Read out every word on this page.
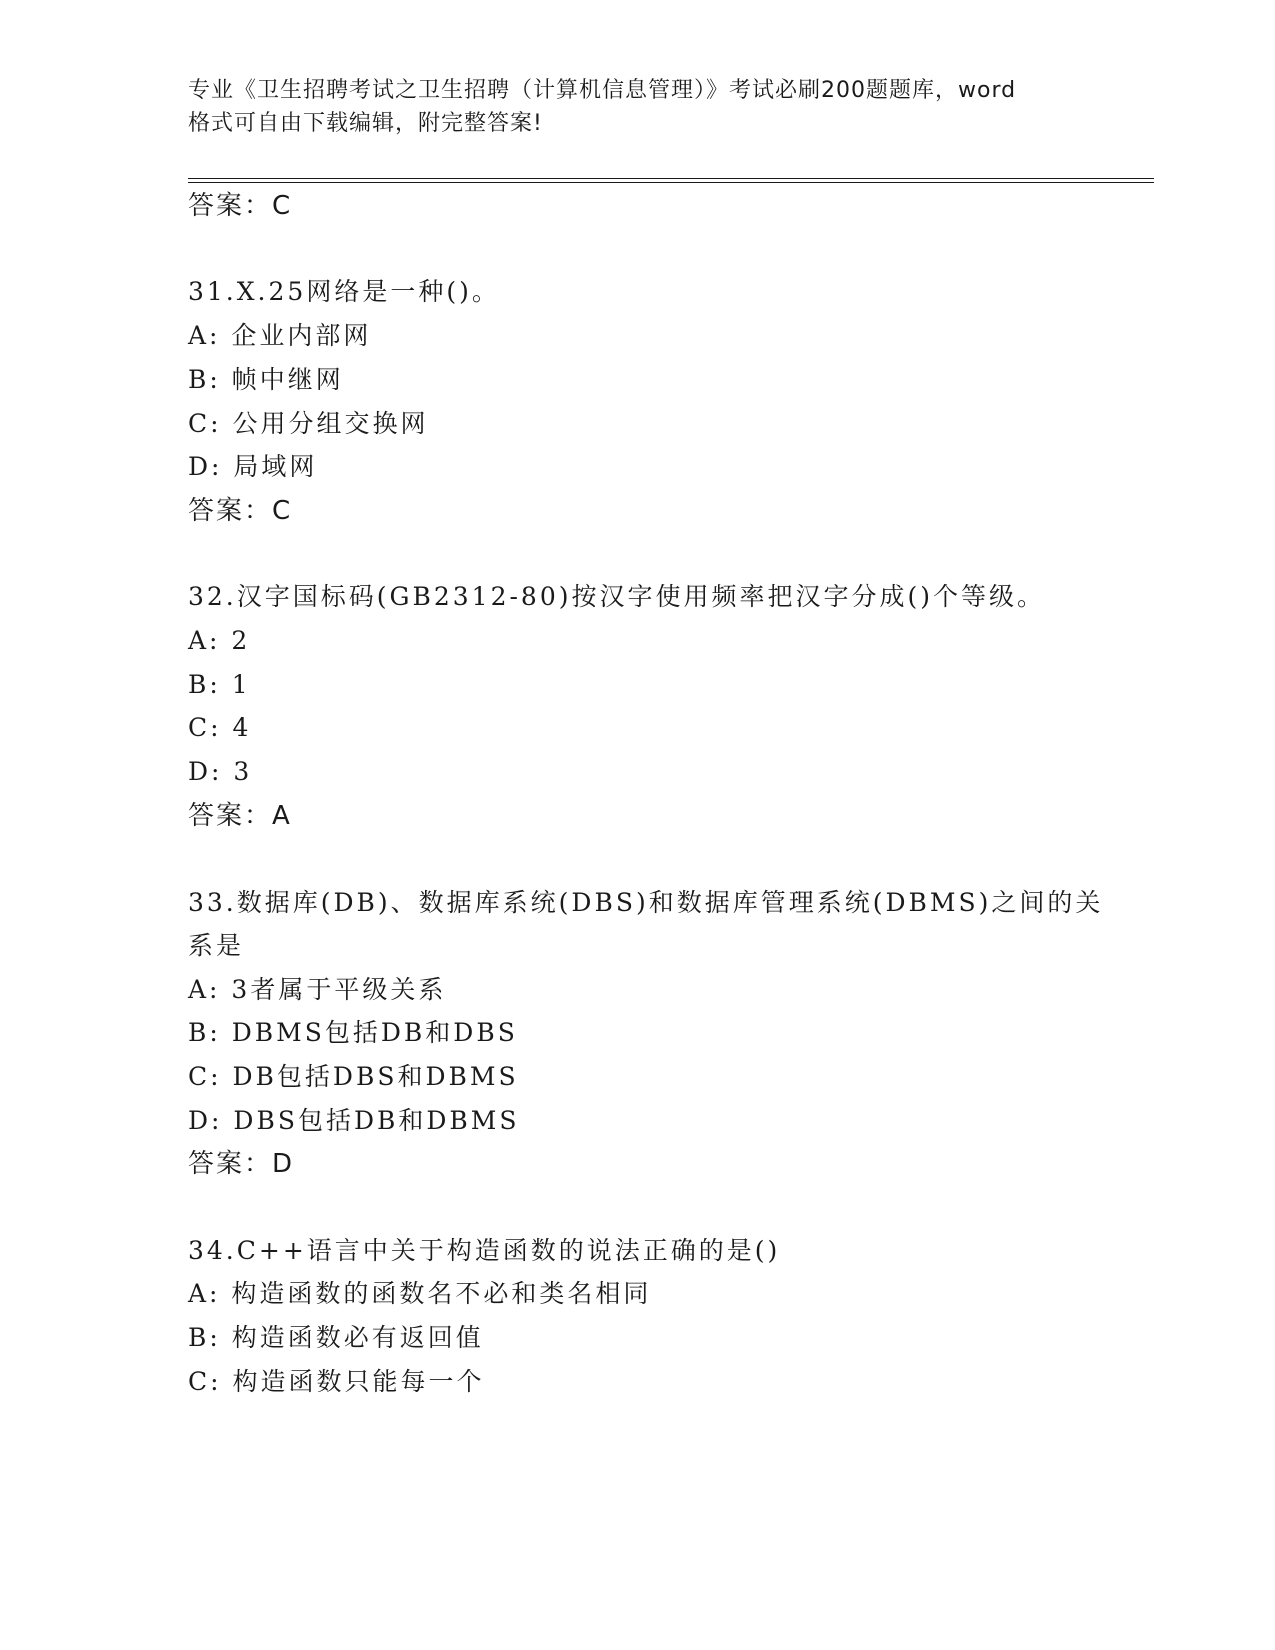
专业《卫生招聘考试之卫生招聘（计算机信息管理）》考试必刷200题题库，word
格式可自由下载编辑，附完整答案!
答案：C
31.X.25网络是一种()。
A: 企业内部网
B: 帧中继网
C: 公用分组交换网
D: 局域网
答案：C
32.汉字国标码(GB2312-80)按汉字使用频率把汉字分成()个等级。
A: 2
B: 1
C: 4
D: 3
答案：A
33.数据库(DB)、数据库系统(DBS)和数据库管理系统(DBMS)之间的关
系是
A: 3者属于平级关系
B: DBMS包括DB和DBS
C: DB包括DBS和DBMS
D: DBS包括DB和DBMS
答案：D
34.C++语言中关于构造函数的说法正确的是()
A: 构造函数的函数名不必和类名相同
B: 构造函数必有返回值
C: 构造函数只能每一个
